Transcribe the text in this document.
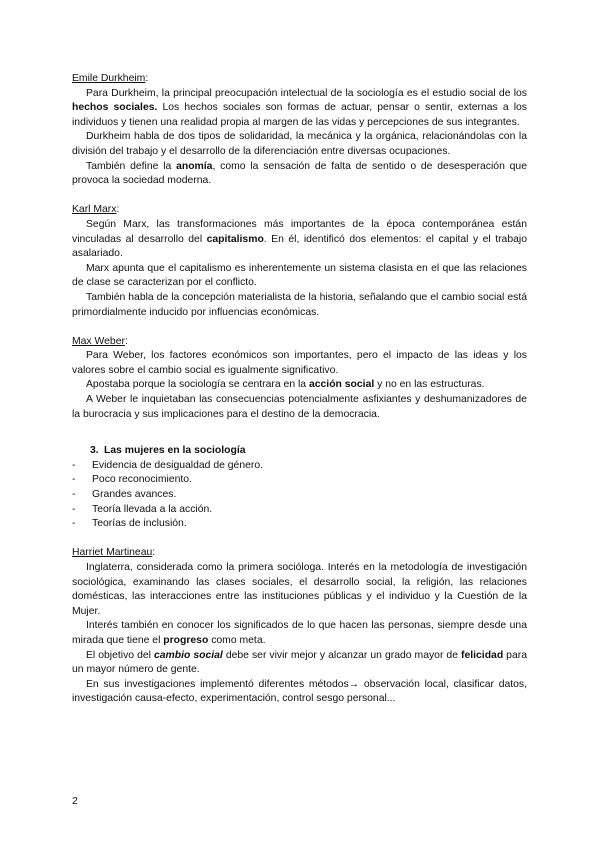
Emile Durkheim:

Para Durkheim, la principal preocupación intelectual de la sociología es el estudio social de los hechos sociales. Los hechos sociales son formas de actuar, pensar o sentir, externas a los individuos y tienen una realidad propia al margen de las vidas y percepciones de sus integrantes.

Durkheim habla de dos tipos de solidaridad, la mecánica y la orgánica, relacionándolas con la división del trabajo y el desarrollo de la diferenciación entre diversas ocupaciones.

También define la anomía, como la sensación de falta de sentido o de desesperación que provoca la sociedad moderna.

Karl Marx:

Según Marx, las transformaciones más importantes de la época contemporánea están vinculadas al desarrollo del capitalismo. En él, identificó dos elementos: el capital y el trabajo asalariado.

Marx apunta que el capitalismo es inherentemente un sistema clasista en el que las relaciones de clase se caracterizan por el conflicto.

También habla de la concepción materialista de la historia, señalando que el cambio social está primordialmente inducido por influencias económicas.

Max Weber:

Para Weber, los factores económicos son importantes, pero el impacto de las ideas y los valores sobre el cambio social es igualmente significativo.

Apostaba porque la sociología se centrara en la acción social y no en las estructuras.

A Weber le inquietaban las consecuencias potencialmente asfixiantes y deshumanizadores de la burocracia y sus implicaciones para el destino de la democracia.

3. Las mujeres en la sociología
- Evidencia de desigualdad de género.
- Poco reconocimiento.
- Grandes avances.
- Teoría llevada a la acción.
- Teorías de inclusión.
Harriet Martineau:

Inglaterra, considerada como la primera socióloga. Interés en la metodología de investigación sociológica, examinando las clases sociales, el desarrollo social, la religión, las relaciones domésticas, las interacciones entre las instituciones públicas y el individuo y la Cuestión de la Mujer.

Interés también en conocer los significados de lo que hacen las personas, siempre desde una mirada que tiene el progreso como meta.

El objetivo del cambio social debe ser vivir mejor y alcanzar un grado mayor de felicidad para un mayor número de gente.

En sus investigaciones implementó diferentes métodos→ observación local, clasificar datos, investigación causa-efecto, experimentación, control sesgo personal...

2
